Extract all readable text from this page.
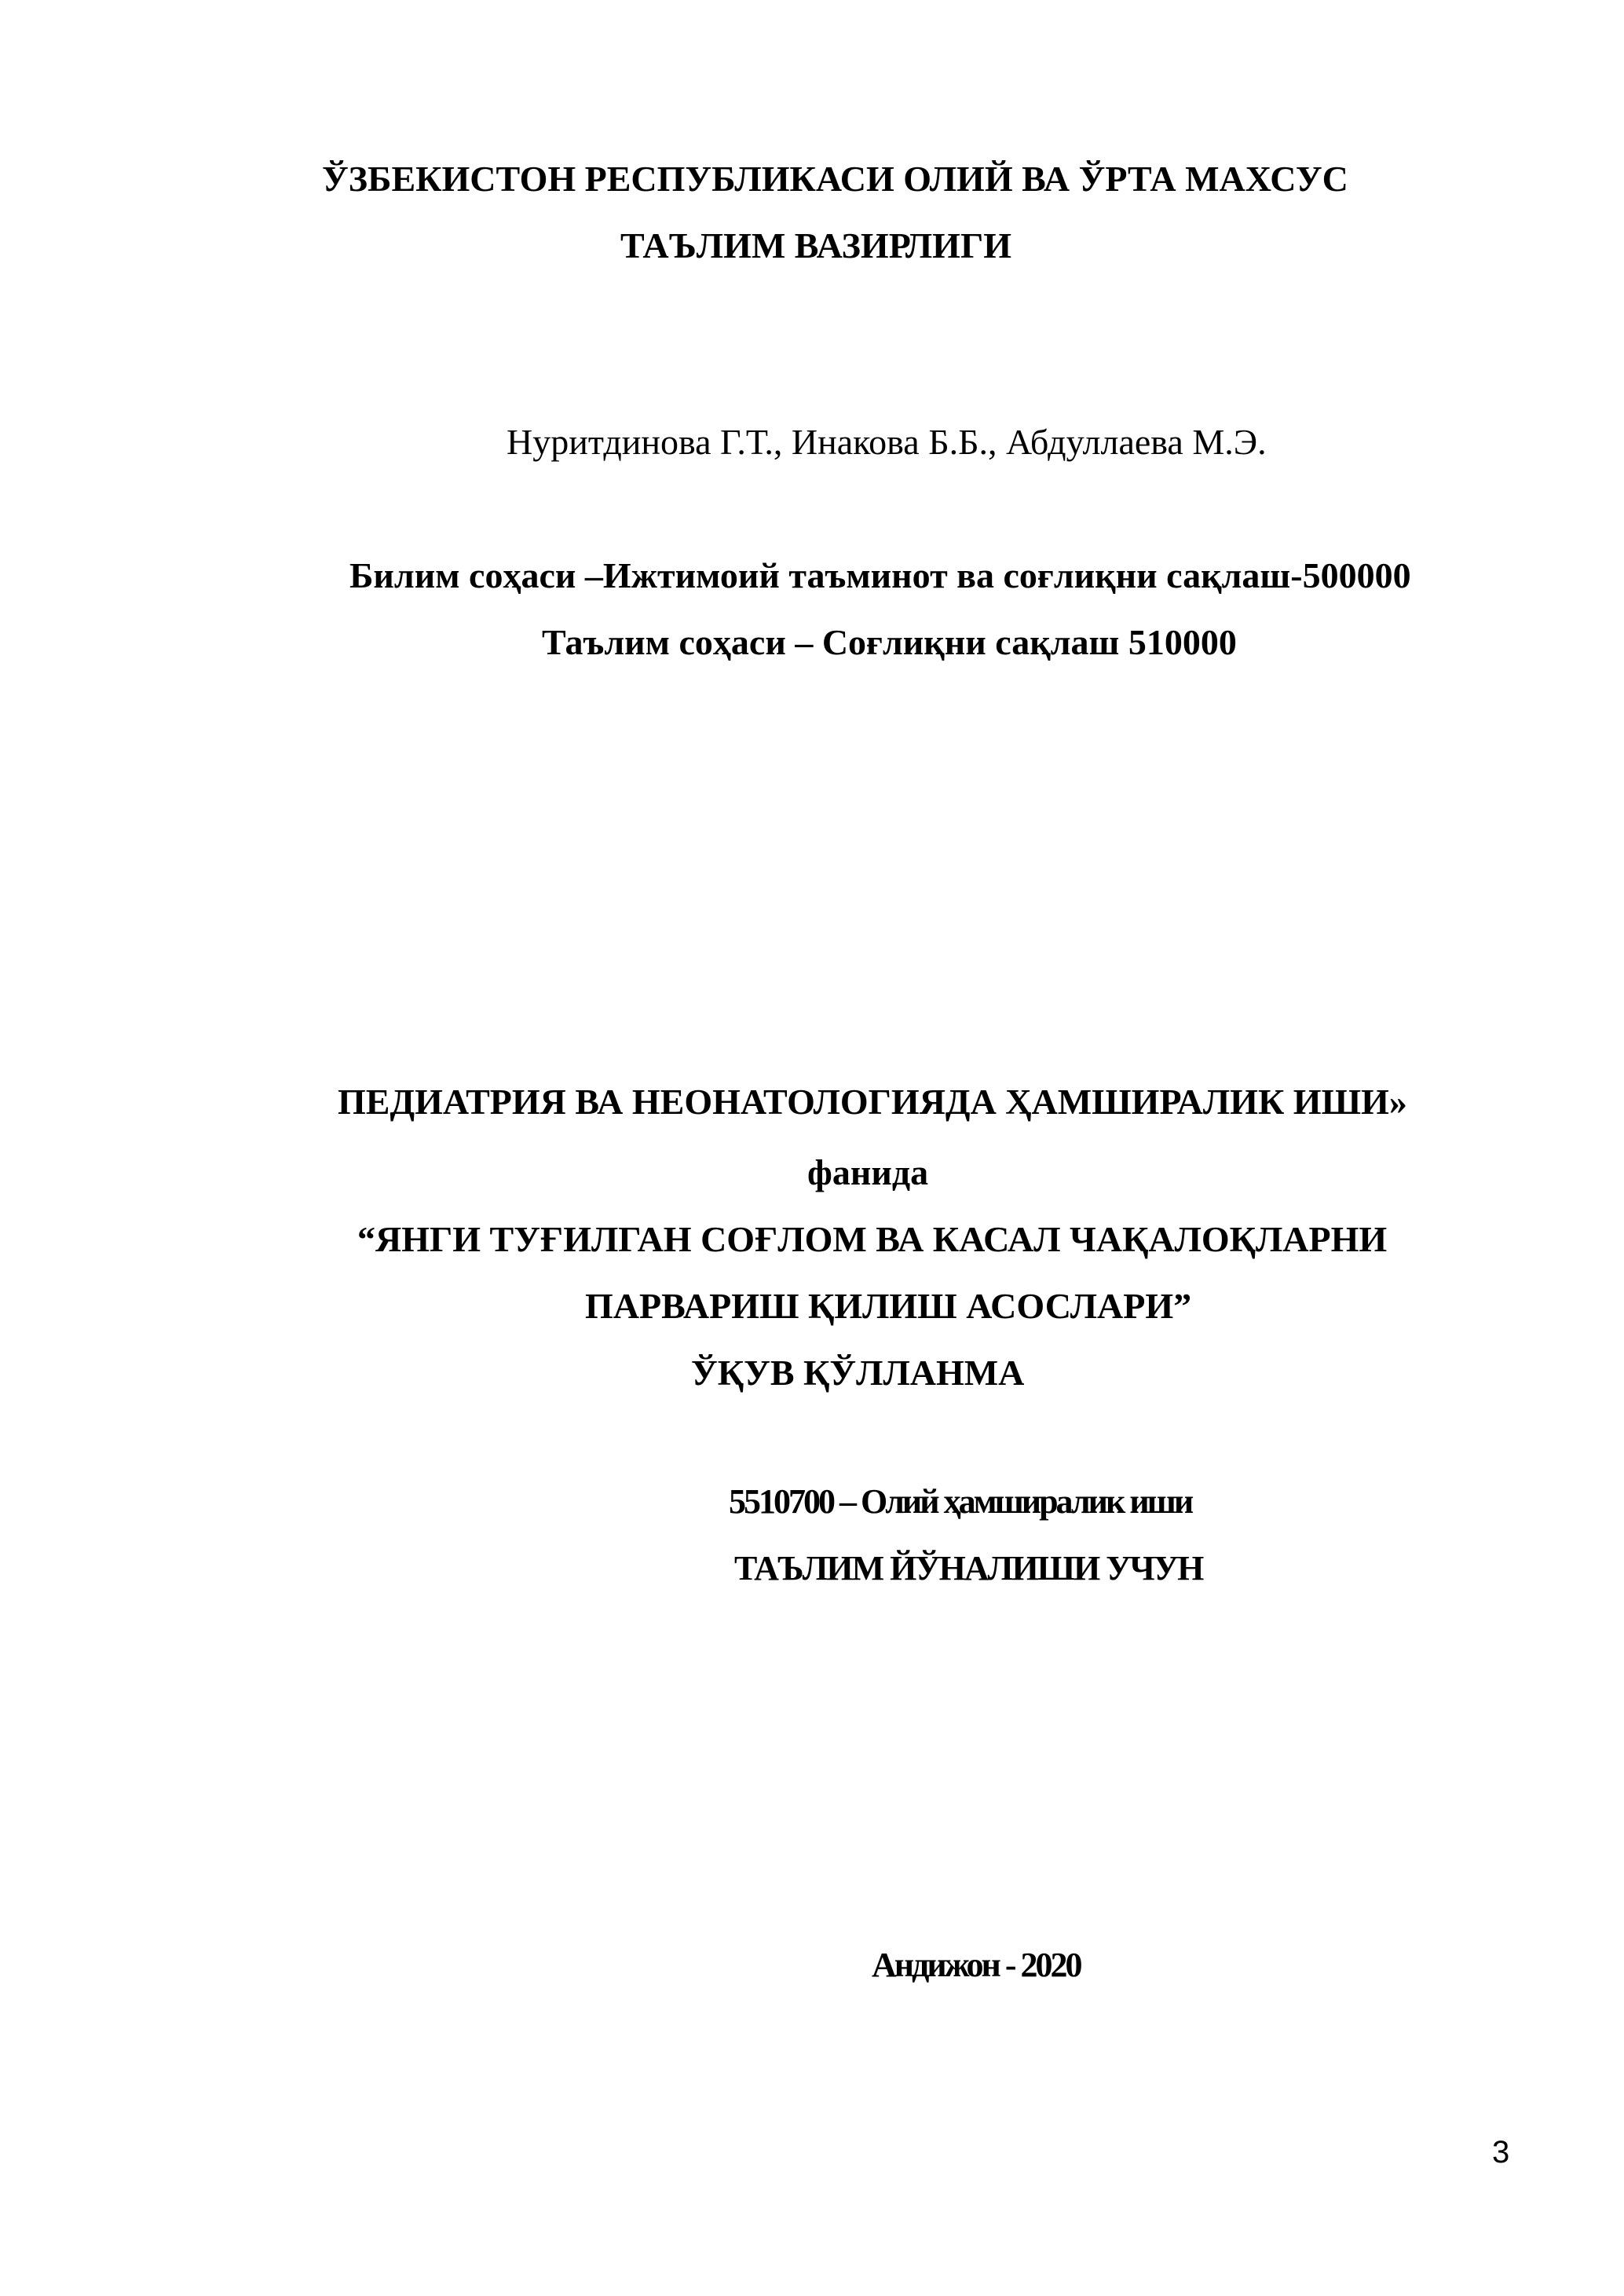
ЎЗБЕКИСТОН РЕСПУБЛИКАСИ ОЛИЙ ВА ЎРТА МАХСУС
ТАЪЛИМ ВАЗИРЛИГИ
Нуритдинова Г.Т., Инакова Б.Б., Абдуллаева М.Э.
Билим соҳаси –Ижтимоий таъминот ва соғлиқни сақлаш-500000
Таълим соҳаси – Соғлиқни сақлаш 510000
ПЕДИАТРИЯ ВА НЕОНАТОЛОГИЯДА ҲАМШИРАЛИК ИШИ»
фанида
“ЯНГИ ТУҒИЛГАН СОҒЛОМ ВА КАСАЛ ЧАҚАЛОҚЛАРНИ
ПАРВАРИШ ҚИЛИШ АСОСЛАРИ”
ЎҚУВ ҚЎЛЛАНМА
5510700 – Олий ҳамширалик иши
ТАЪЛИМ ЙЎНАЛИШИ УЧУН
Андижон - 2020
3
